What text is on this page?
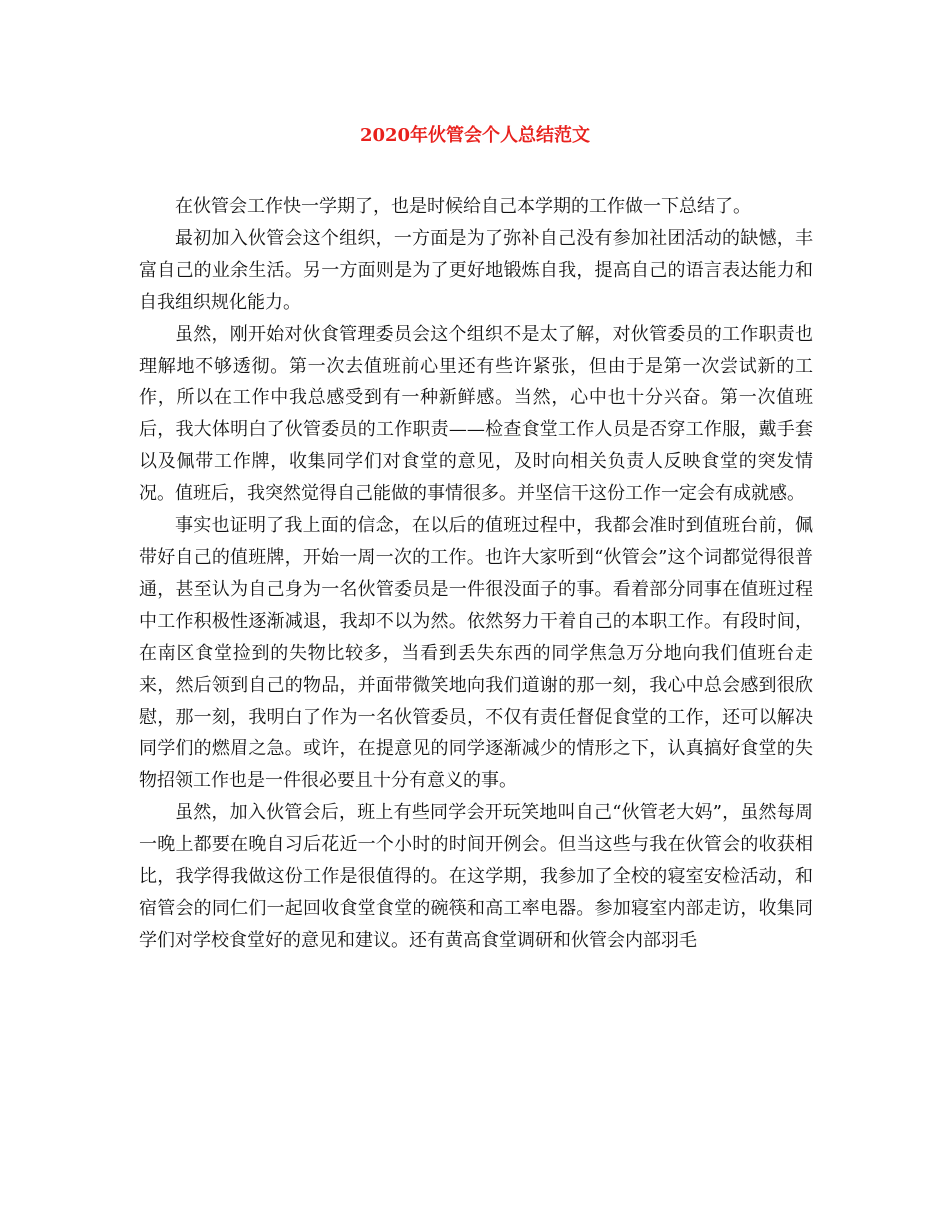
2020年伙管会个人总结范文

在伙管会工作快一学期了，也是时候给自己本学期的工作做一下总结了。

最初加入伙管会这个组织，一方面是为了弥补自己没有参加社团活动的缺憾，丰富自己的业余生活。另一方面则是为了更好地锻炼自我，提高自己的语言表达能力和自我组织规化能力。

虽然，刚开始对伙食管理委员会这个组织不是太了解，对伙管委员的工作职责也理解地不够透彻。第一次去值班前心里还有些许紧张，但由于是第一次尝试新的工作，所以在工作中我总感受到有一种新鲜感。当然，心中也十分兴奋。第一次值班后，我大体明白了伙管委员的工作职责——检查食堂工作人员是否穿工作服，戴手套以及佩带工作牌，收集同学们对食堂的意见，及时向相关负责人反映食堂的突发情况。值班后，我突然觉得自己能做的事情很多。并坚信干这份工作一定会有成就感。

事实也证明了我上面的信念，在以后的值班过程中，我都会准时到值班台前，佩带好自己的值班牌，开始一周一次的工作。也许大家听到“伙管会”这个词都觉得很普通，甚至认为自己身为一名伙管委员是一件很没面子的事。看着部分同事在值班过程中工作积极性逐渐减退，我却不以为然。依然努力干着自己的本职工作。有段时间，在南区食堂捡到的失物比较多，当看到丢失东西的同学焦急万分地向我们值班台走来，然后领到自己的物品，并面带微笑地向我们道谢的那一刻，我心中总会感到很欣慰，那一刻，我明白了作为一名伙管委员，不仅有责任督促食堂的工作，还可以解决同学们的燃眉之急。或许，在提意见的同学逐渐减少的情形之下，认真搞好食堂的失物招领工作也是一件很必要且十分有意义的事。

虽然，加入伙管会后，班上有些同学会开玩笑地叫自己“伙管老大妈”，虽然每周一晚上都要在晚自习后花近一个小时的时间开例会。但当这些与我在伙管会的收获相比，我学得我做这份工作是很值得的。在这学期，我参加了全校的寝室安检活动，和宿管会的同仁们一起回收食堂食堂的碗筷和高工率电器。参加寝室内部走访，收集同学们对学校食堂好的意见和建议。还有黄高食堂调研和伙管会内部羽毛
